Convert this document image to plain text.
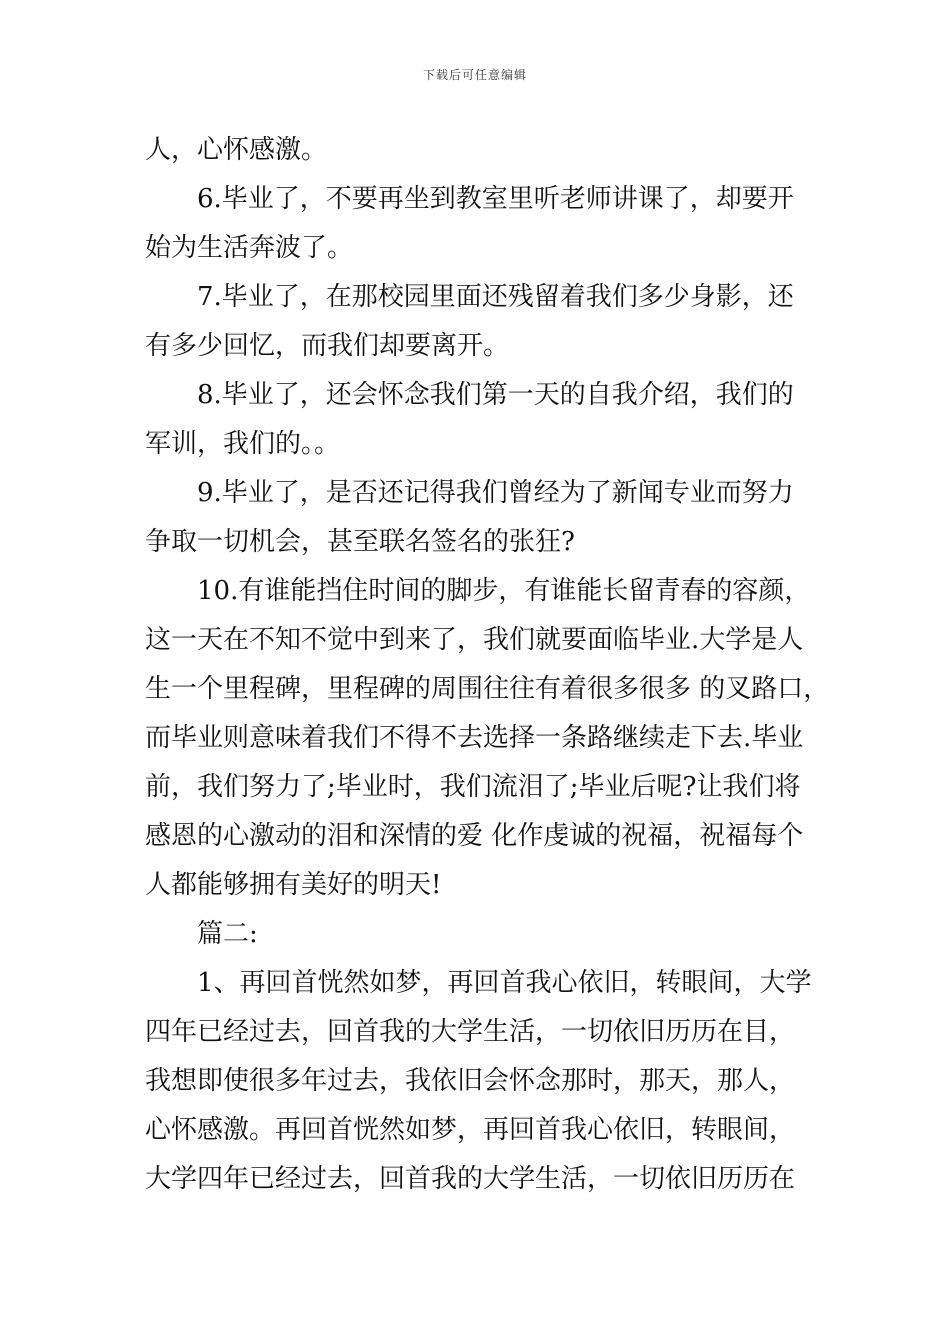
下载后可任意编辑
人，心怀感激。
6.毕业了，不要再坐到教室里听老师讲课了，却要开
始为生活奔波了。
7.毕业了，在那校园里面还残留着我们多少身影，还
有多少回忆，而我们却要离开。
8.毕业了，还会怀念我们第一天的自我介绍，我们的
军训，我们的。。
9.毕业了，是否还记得我们曾经为了新闻专业而努力
争取一切机会，甚至联名签名的张狂?
10.有谁能挡住时间的脚步，有谁能长留青春的容颜，
这一天在不知不觉中到来了，我们就要面临毕业.大学是人
生一个里程碑，里程碑的周围往往有着很多很多 的叉路口，
而毕业则意味着我们不得不去选择一条路继续走下去.毕业
前，我们努力了;毕业时，我们流泪了;毕业后呢?让我们将
感恩的心激动的泪和深情的爱 化作虔诚的祝福，祝福每个
人都能够拥有美好的明天!
篇二:
1、再回首恍然如梦，再回首我心依旧，转眼间，大学
四年已经过去，回首我的大学生活，一切依旧历历在目，
我想即使很多年过去，我依旧会怀念那时，那天，那人，
心怀感激。再回首恍然如梦，再回首我心依旧，转眼间，
大学四年已经过去，回首我的大学生活，一切依旧历历在
